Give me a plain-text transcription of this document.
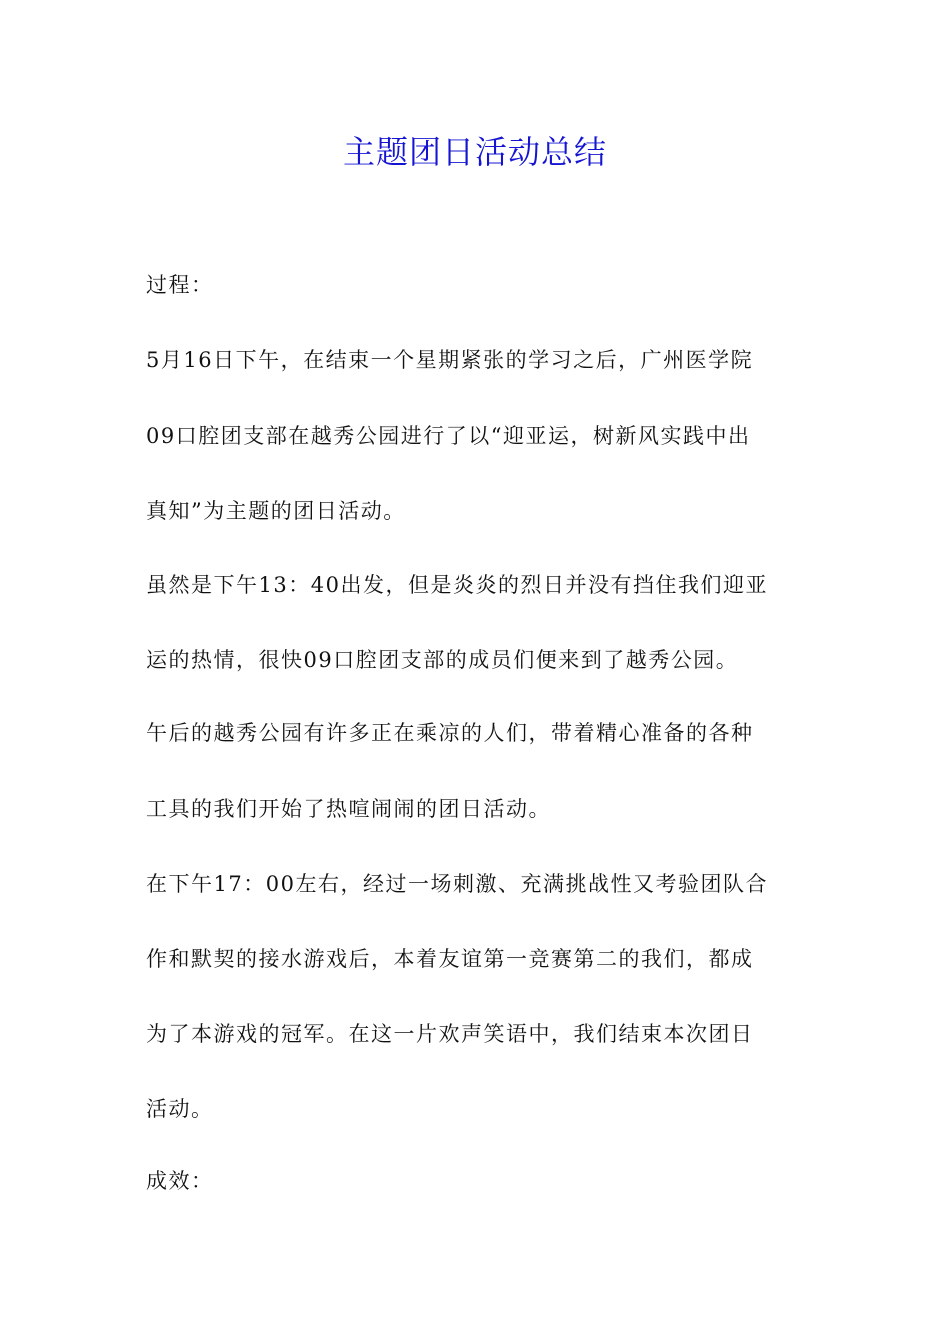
主题团日活动总结
过程：
5月16日下午，在结束一个星期紧张的学习之后，广州医学院
09口腔团支部在越秀公园进行了以“迎亚运，树新风实践中出
真知”为主题的团日活动。
虽然是下午13：40出发，但是炎炎的烈日并没有挡住我们迎亚
运的热情，很快09口腔团支部的成员们便来到了越秀公园。
午后的越秀公园有许多正在乘凉的人们，带着精心准备的各种
工具的我们开始了热喧闹闹的团日活动。
在下午17：00左右，经过一场刺激、充满挑战性又考验团队合
作和默契的接水游戏后，本着友谊第一竞赛第二的我们，都成
为了本游戏的冠军。在这一片欢声笑语中，我们结束本次团日
活动。
成效：
